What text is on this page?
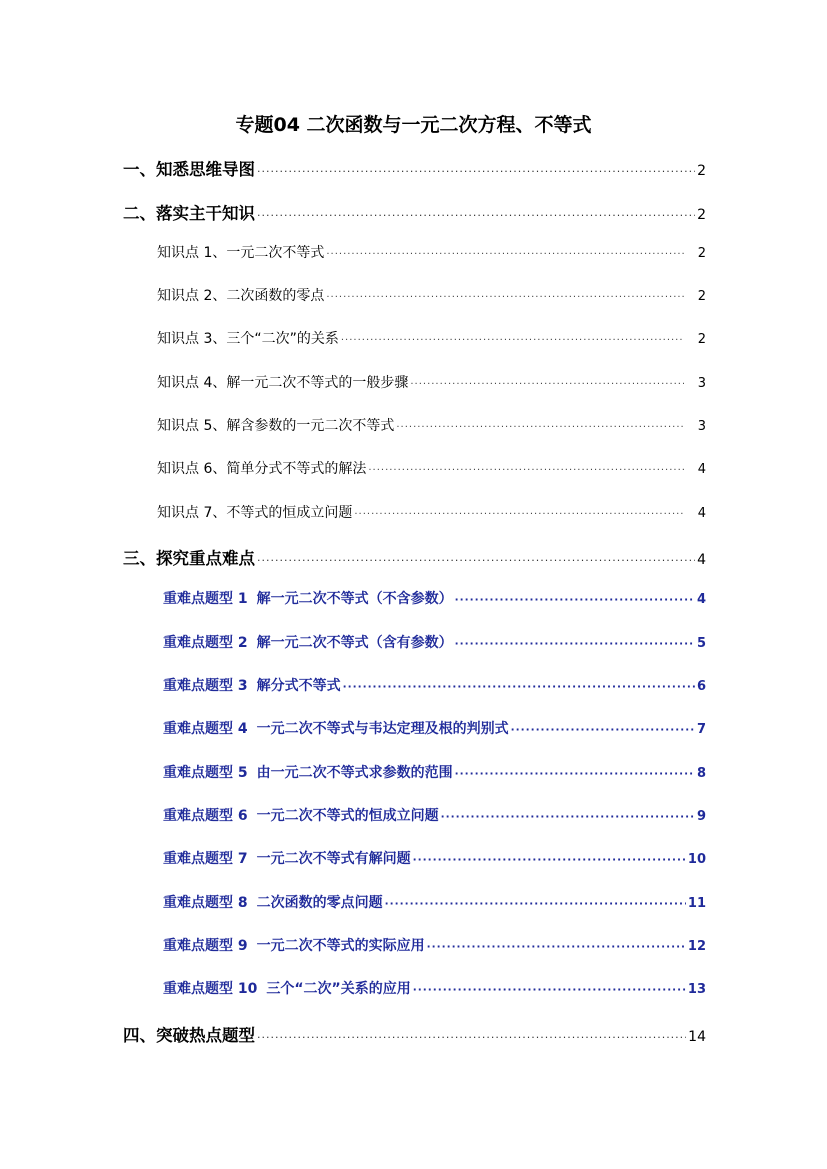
专题04 二次函数与一元二次方程、不等式
一、知悉思维导图 ·····	2
二、落实主干知识 ·····	2
知识点 1、一元二次不等式 ·····	2
知识点 2、二次函数的零点 ·····	2
知识点 3、三个“二次”的关系 ·····	2
知识点 4、解一元二次不等式的一般步骤 ·····	3
知识点 5、解含参数的一元二次不等式 ·····	3
知识点 6、简单分式不等式的解法 ·····	4
知识点 7、不等式的恒成立问题 ·····	4
三、探究重点难点 ·····	4
重难点题型 1 解一元二次不等式（不含参数） ·····	4
重难点题型 2 解一元二次不等式（含有参数） ·····	5
重难点题型 3 解分式不等式 ·····	6
重难点题型 4 一元二次不等式与韦达定理及根的判别式 ·····	7
重难点题型 5 由一元二次不等式求参数的范围 ·····	8
重难点题型 6 一元二次不等式的恒成立问题 ·····	9
重难点题型 7 一元二次不等式有解问题 ·····	10
重难点题型 8 二次函数的零点问题 ·····	11
重难点题型 9 一元二次不等式的实际应用 ·····	12
重难点题型 10 三个“二次”关系的应用 ·····	13
四、突破热点题型 ·····	14
